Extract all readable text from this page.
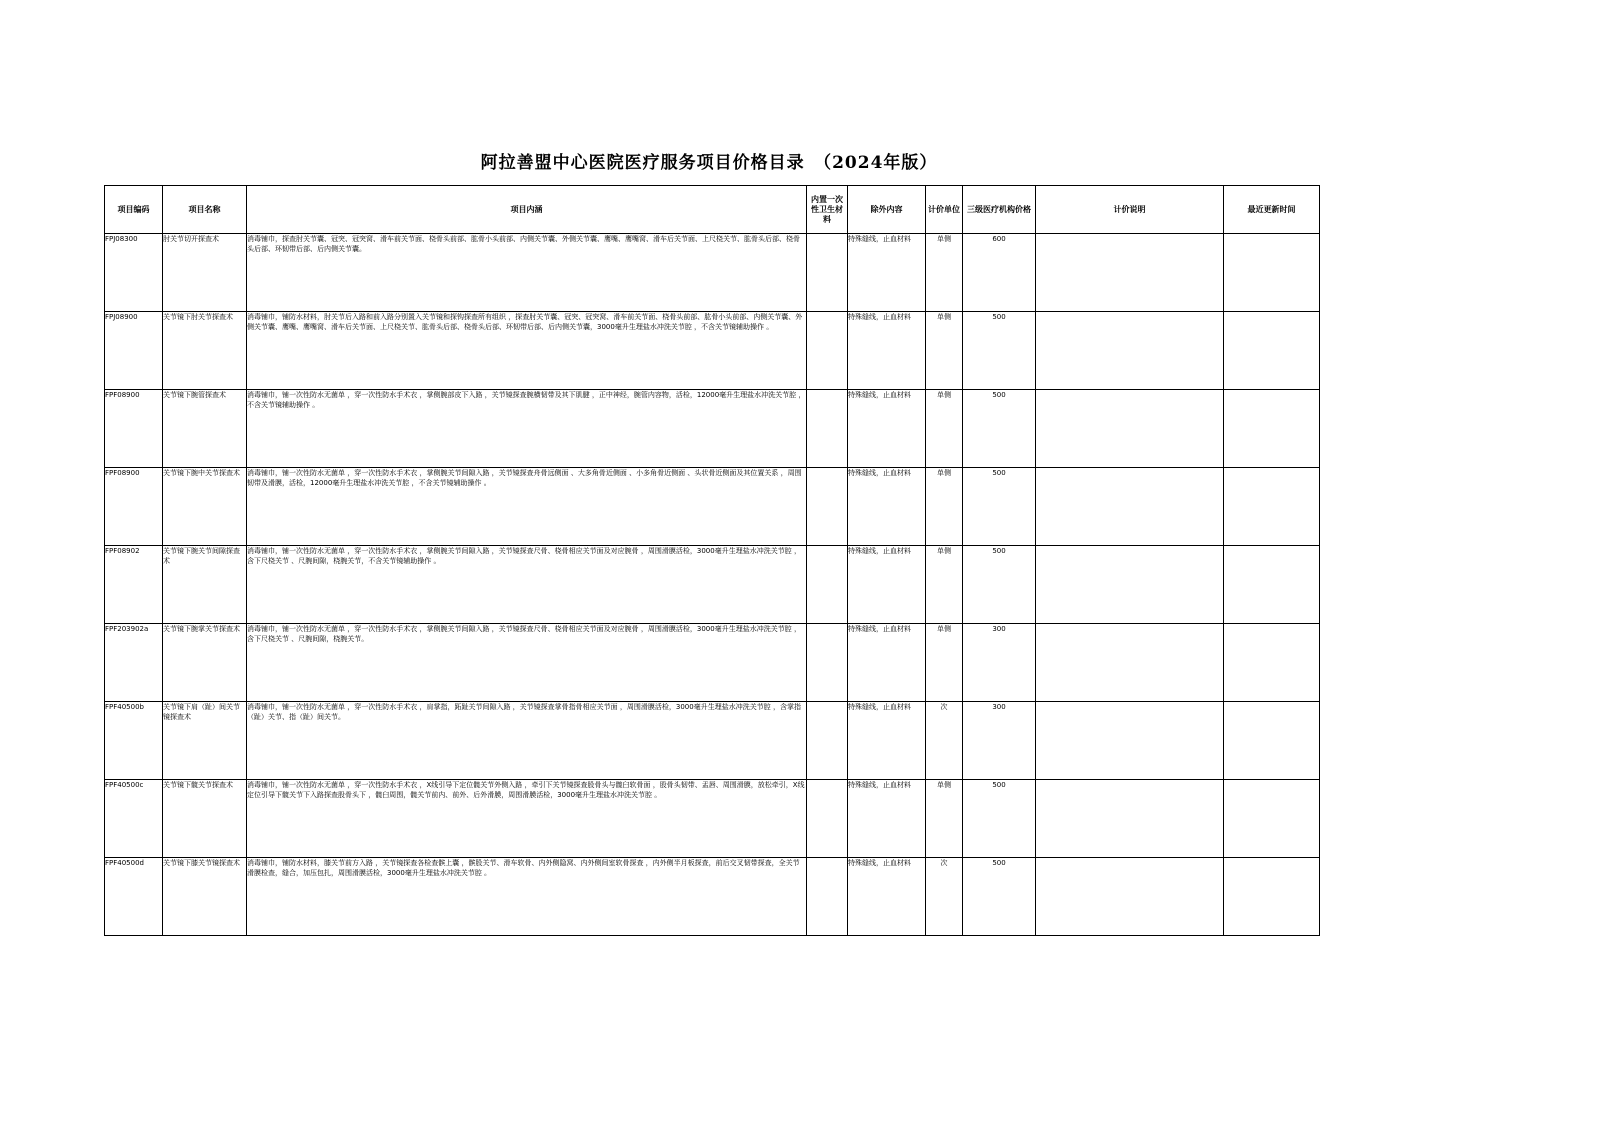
阿拉善盟中心医院医疗服务项目价格目录　（2024年版）
项目编码	项目名称	项目内涵	内置一次性卫生材料	除外内容	计价单位	三级医疗机构价格	计价说明	最近更新时间
FPJ08300	肘关节切开探查术	消毒铺巾，探查肘关节囊、冠突、冠突窝、滑车前关节面、桡骨头前部、肱骨小头前部、内侧关节囊、外侧关节囊、鹰嘴、鹰嘴窝、滑车后关节面、上尺桡关节、肱骨头后部、桡骨头后部、环韧带后部、后内侧关节囊。		特殊缝线，止血材料	单侧	600		
FPJ08900	关节镜下肘关节探查术	消毒铺巾，铺防水材料，肘关节后入路和前入路分别置入关节镜和探钩探查所有组织 ，探查肘关节囊、冠突、冠突窝、滑车前关节面、桡骨头前部、肱骨小头前部、内侧关节囊、外侧关节囊、鹰嘴、鹰嘴窝、滑车后关节面、上尺桡关节、肱骨头后部、桡骨头后部、环韧带后部、后内侧关节囊，3000毫升生理盐水冲洗关节腔 ，不含关节镜辅助操作 。		特殊缝线，止血材料	单侧	500		
FPF08900	关节镜下腕管探查术	消毒铺巾，铺一次性防水无菌单 ，穿一次性防水手术衣 ，掌侧腕部皮下入路 ，关节镜探查腕横韧带及其下肌腱 ，正中神经，腕管内容物，活检，12000毫升生理盐水冲洗关节腔 ，不含关节镜辅助操作 。		特殊缝线，止血材料	单侧	500		
FPF08900	关节镜下腕中关节探查术	消毒铺巾，铺一次性防水无菌单 ，穿一次性防水手术衣 ，掌侧腕关节间隙入路 ，关节镜探查舟骨远侧面 、大多角骨近侧面 、小多角骨近侧面 、头状骨近侧面及其位置关系 ，周围韧带及滑膜，活检，12000毫升生理盐水冲洗关节腔 ，不含关节镜辅助操作 。		特殊缝线，止血材料	单侧	500		
FPF08902	关节镜下腕关节间隙探查术	消毒铺巾，铺一次性防水无菌单 ，穿一次性防水手术衣 ，掌侧腕关节间隙入路 ，关节镜探查尺骨、桡骨相应关节面及对应腕骨 ，周围滑膜活检，3000毫升生理盐水冲洗关节腔 ，含下尺桡关节 、尺腕间隙，桡腕关节，不含关节镜辅助操作 。		特殊缝线，止血材料	单侧	500		
FPF203902a	关节镜下腕掌关节探查术	消毒铺巾，铺一次性防水无菌单 ，穿一次性防水手术衣 ，掌侧腕关节间隙入路 ，关节镜探查尺骨、桡骨相应关节面及对应腕骨 ，周围滑膜活检，3000毫升生理盐水冲洗关节腔 ，含下尺桡关节 、尺腕间隙，桡腕关节。		特殊缝线，止血材料	单侧	300		
FPF40500b	关节镜下肩（趾）间关节镜探查术	消毒铺巾，铺一次性防水无菌单 ，穿一次性防水手术衣 ，肩掌指，跖趾关节间隙入路 ，关节镜探查掌骨指骨相应关节面 ，周围滑膜活检，3000毫升生理盐水冲洗关节腔 ，含掌指（趾）关节、指（趾）间关节。		特殊缝线，止血材料	次	300		
FPF40500c	关节镜下髋关节探查术	消毒铺巾，铺一次性防水无菌单 ，穿一次性防水手术衣 ，X线引导下定位髋关节外侧入路 ，牵引下关节镜探查股骨头与髋臼软骨面 ，股骨头韧带、盂唇、周围滑膜，放松牵引，X线定位引导下髋关节下入路探查股骨头下 ，髋臼周围，髋关节前内、前外、后外滑膜，周围滑膜活检，3000毫升生理盐水冲洗关节腔 。		特殊缝线，止血材料	单侧	500		
FPF40500d	关节镜下膝关节镜探查术	消毒铺巾，铺防水材料，膝关节前方入路 ，关节镜探查各检查髌上囊 ，髌股关节、滑车软骨、内外侧隐窝、内外侧间室软骨探查 ，内外侧半月板探查，前后交叉韧带探查，全关节滑膜检查，缝合，加压包扎，周围滑膜活检，3000毫升生理盐水冲洗关节腔 。		特殊缝线，止血材料	次	500		
